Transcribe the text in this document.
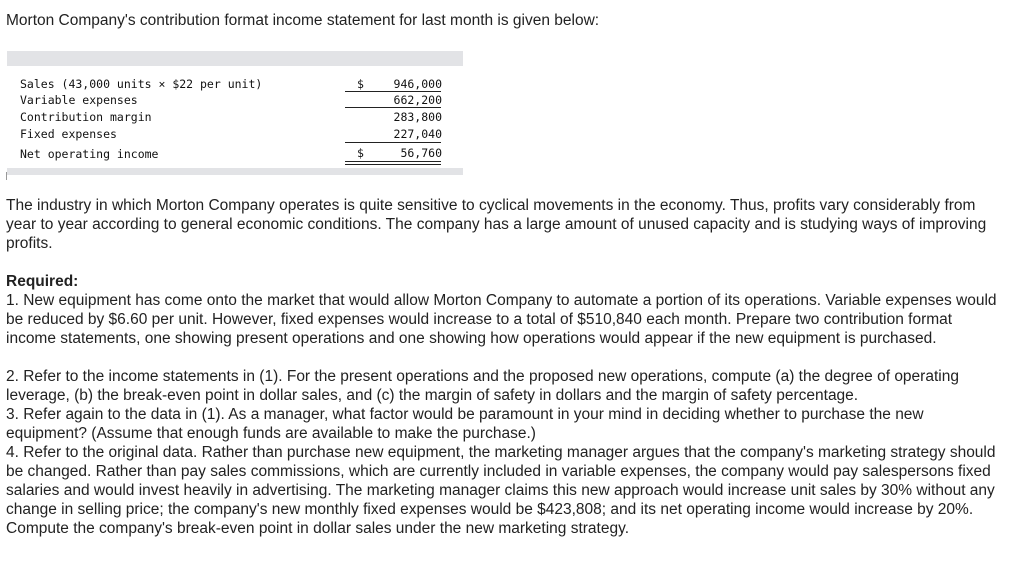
Morton Company's contribution format income statement for last month is given below:

Sales (43,000 units × $22 per unit)	$	946,000
Variable expenses	662,200
Contribution margin	283,800
Fixed expenses	227,040
Net operating income	$	56,760

The industry in which Morton Company operates is quite sensitive to cyclical movements in the economy. Thus, profits vary considerably from year to year according to general economic conditions. The company has a large amount of unused capacity and is studying ways of improving profits.

Required:

1. New equipment has come onto the market that would allow Morton Company to automate a portion of its operations. Variable expenses would be reduced by $6.60 per unit. However, fixed expenses would increase to a total of $510,840 each month. Prepare two contribution format income statements, one showing present operations and one showing how operations would appear if the new equipment is purchased.

2. Refer to the income statements in (1). For the present operations and the proposed new operations, compute (a) the degree of operating leverage, (b) the break-even point in dollar sales, and (c) the margin of safety in dollars and the margin of safety percentage.

3. Refer again to the data in (1). As a manager, what factor would be paramount in your mind in deciding whether to purchase the new equipment? (Assume that enough funds are available to make the purchase.)

4. Refer to the original data. Rather than purchase new equipment, the marketing manager argues that the company's marketing strategy should be changed. Rather than pay sales commissions, which are currently included in variable expenses, the company would pay salespersons fixed salaries and would invest heavily in advertising. The marketing manager claims this new approach would increase unit sales by 30% without any change in selling price; the company's new monthly fixed expenses would be $423,808; and its net operating income would increase by 20%. Compute the company's break-even point in dollar sales under the new marketing strategy.
